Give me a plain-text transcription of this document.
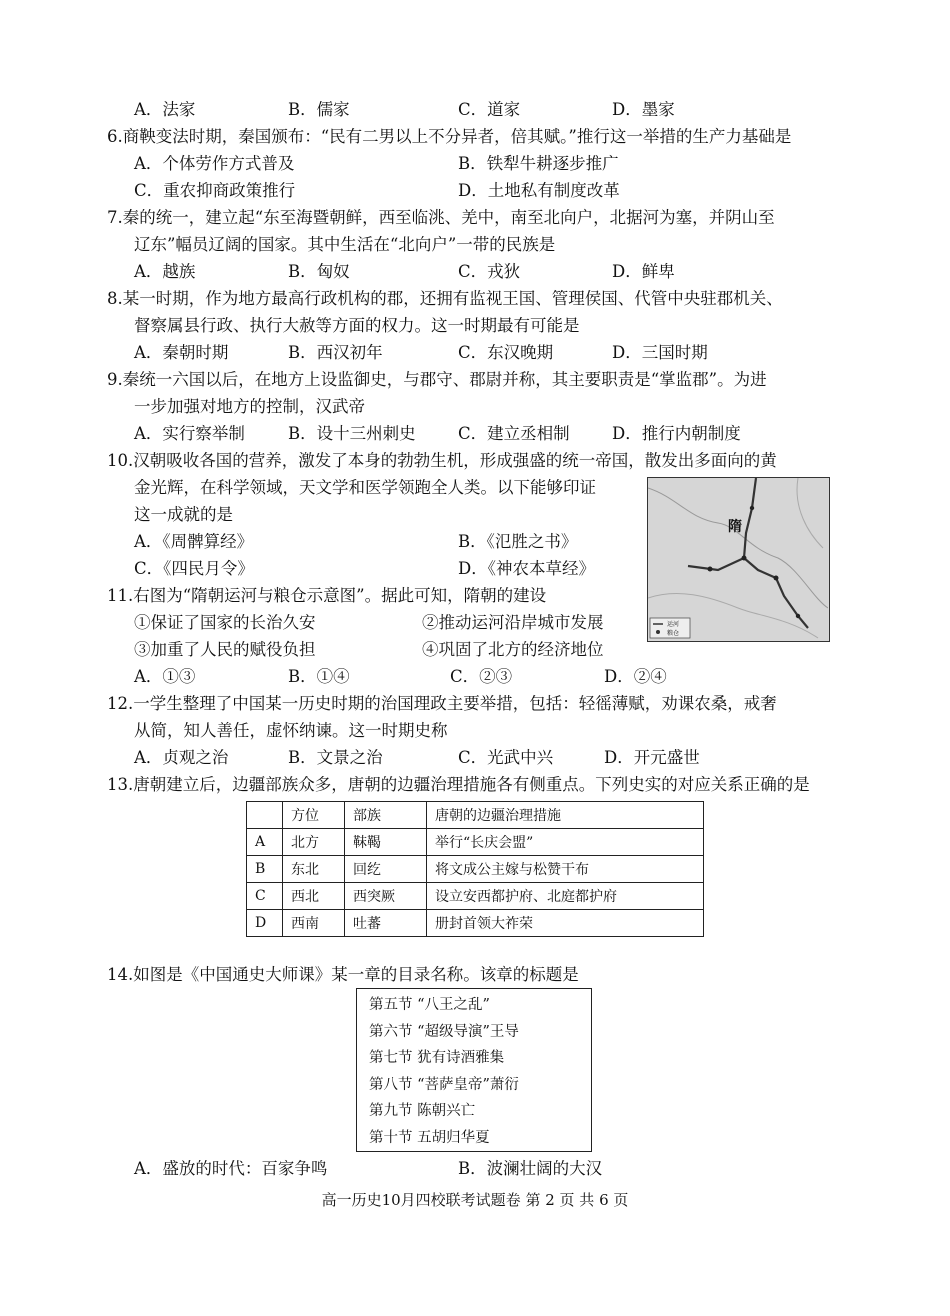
A．法家	B．儒家	C．道家	D．墨家
6.商鞅变法时期，秦国颁布：“民有二男以上不分异者，倍其赋。”推行这一举措的生产力基础是
A．个体劳作方式普及	B．铁犁牛耕逐步推广
C．重农抑商政策推行	D．土地私有制度改革
7.秦的统一，建立起“东至海暨朝鲜，西至临洮、羌中，南至北向户，北据河为塞，并阴山至
辽东”幅员辽阔的国家。其中生活在“北向户”一带的民族是
A．越族	B．匈奴	C．戎狄	D．鲜卑
8.某一时期，作为地方最高行政机构的郡，还拥有监视王国、管理侯国、代管中央驻郡机关、
督察属县行政、执行大赦等方面的权力。这一时期最有可能是
A．秦朝时期	B．西汉初年	C．东汉晚期	D．三国时期
9.秦统一六国以后，在地方上设监御史，与郡守、郡尉并称，其主要职责是“掌监郡”。为进
一步加强对地方的控制，汉武帝
A．实行察举制	B．设十三州刺史	C．建立丞相制	D．推行内朝制度
10.汉朝吸收各国的营养，激发了本身的勃勃生机，形成强盛的统一帝国，散发出多面向的黄
金光辉，在科学领域，天文学和医学领跑全人类。以下能够印证
这一成就的是
A．《周髀算经》	B．《氾胜之书》
C．《四民月令》	D．《神农本草经》
隋
运河
粮仓
11.右图为“隋朝运河与粮仓示意图”。据此可知，隋朝的建设
①保证了国家的长治久安	②推动运河沿岸城市发展
③加重了人民的赋役负担	④巩固了北方的经济地位
A．①③	B．①④	C．②③	D．②④
12.一学生整理了中国某一历史时期的治国理政主要举措，包括：轻徭薄赋，劝课农桑，戒奢
从简，知人善任，虚怀纳谏。这一时期史称
A．贞观之治	B．文景之治	C．光武中兴	D．开元盛世
13.唐朝建立后，边疆部族众多，唐朝的边疆治理措施各有侧重点。下列史实的对应关系正确的是
	方位	部族	唐朝的边疆治理措施
A	北方	靺鞨	举行“长庆会盟”
B	东北	回纥	将文成公主嫁与松赞干布
C	西北	西突厥	设立安西都护府、北庭都护府
D	西南	吐蕃	册封首领大祚荣
14.如图是《中国通史大师课》某一章的目录名称。该章的标题是
第五节 “八王之乱”
第六节 “超级导演”王导
第七节 犹有诗酒雅集
第八节 “菩萨皇帝”萧衍
第九节 陈朝兴亡
第十节 五胡归华夏
A．盛放的时代：百家争鸣	B．波澜壮阔的大汉
高一历史10月四校联考试题卷 第 2 页 共 6 页
